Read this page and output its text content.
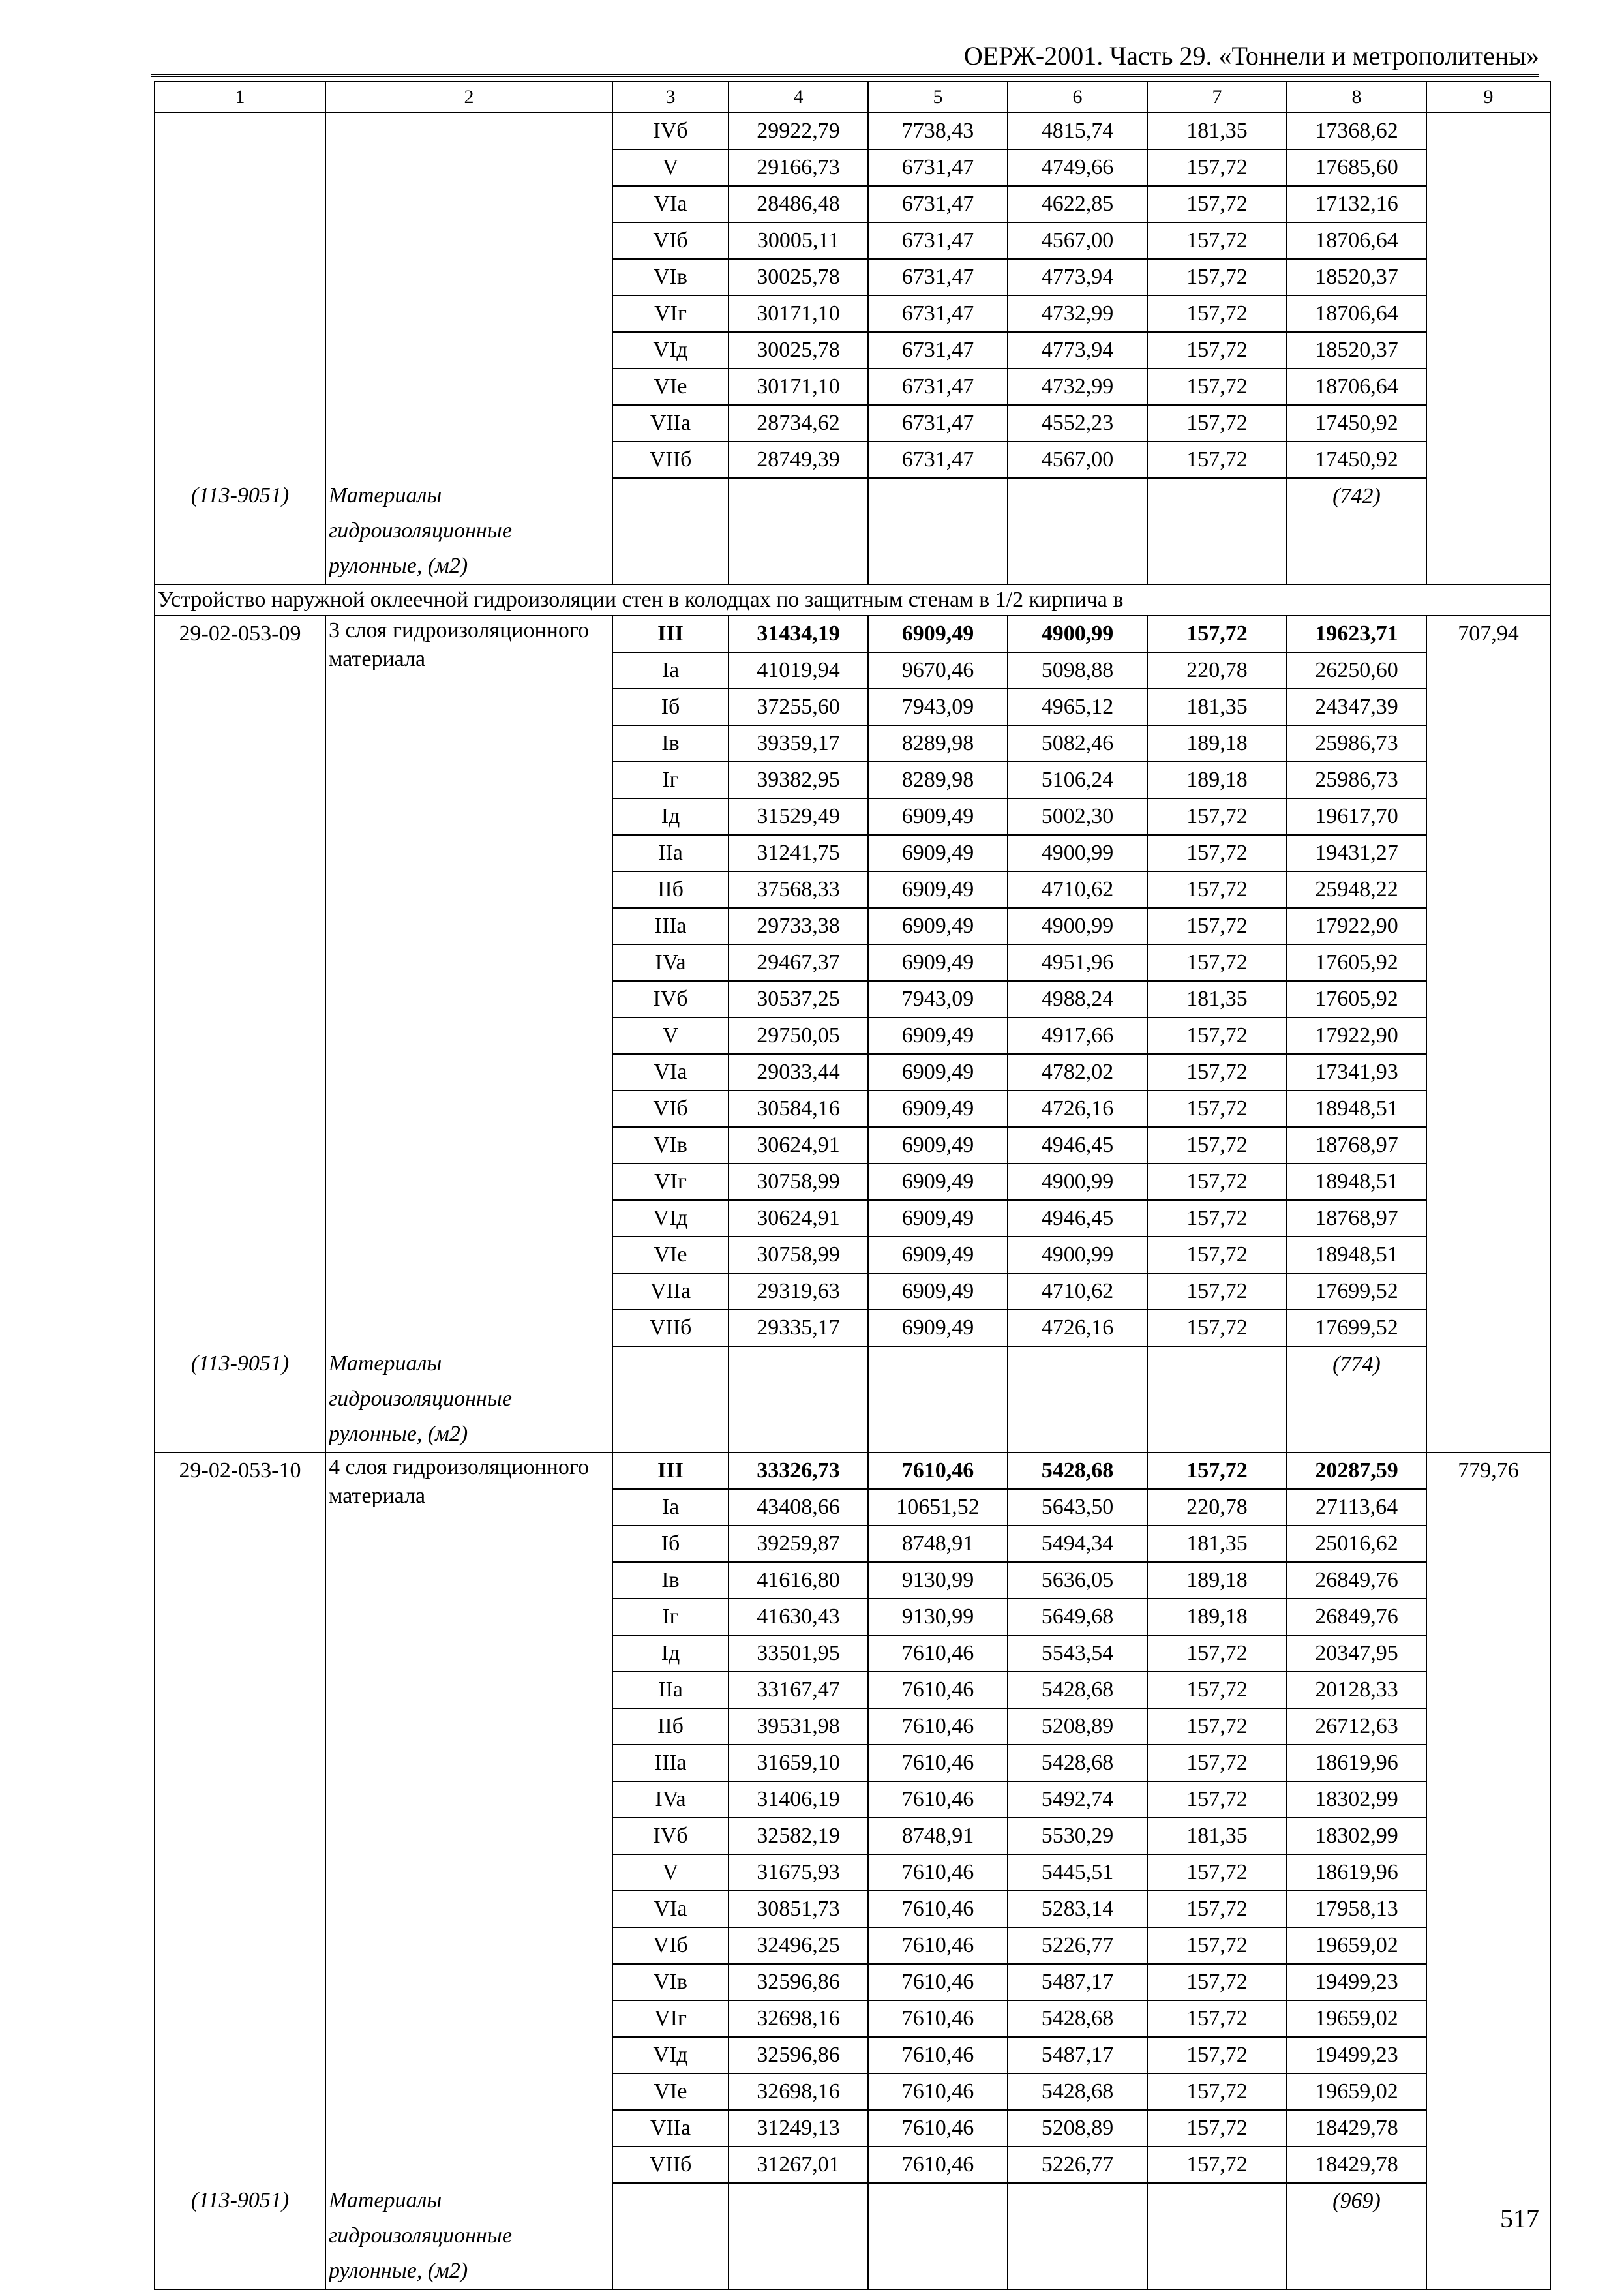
ОЕРЖ-2001. Часть 29. «Тоннели и метрополитены»
1	2	3	4	5	6	7	8	9
		IVб	29922,79	7738,43	4815,74	181,35	17368,62	
		V	29166,73	6731,47	4749,66	157,72	17685,60	
		VIa	28486,48	6731,47	4622,85	157,72	17132,16	
		VIб	30005,11	6731,47	4567,00	157,72	18706,64	
		VIв	30025,78	6731,47	4773,94	157,72	18520,37	
		VIг	30171,10	6731,47	4732,99	157,72	18706,64	
		VIд	30025,78	6731,47	4773,94	157,72	18520,37	
		VIe	30171,10	6731,47	4732,99	157,72	18706,64	
		VIIa	28734,62	6731,47	4552,23	157,72	17450,92	
		VIIб	28749,39	6731,47	4567,00	157,72	17450,92	
(113-9051)	Материалы гидроизоляционные рулонные, (м2)						(742)	
Устройство наружной оклеечной гидроизоляции стен в колодцах по защитным стенам в 1/2 кирпича в								
29-02-053-09	3 слоя гидроизоляционного материала	III	31434,19	6909,49	4900,99	157,72	19623,71	707,94
		Ia	41019,94	9670,46	5098,88	220,78	26250,60	
		Iб	37255,60	7943,09	4965,12	181,35	24347,39	
		Iв	39359,17	8289,98	5082,46	189,18	25986,73	
		Iг	39382,95	8289,98	5106,24	189,18	25986,73	
		Iд	31529,49	6909,49	5002,30	157,72	19617,70	
		IIa	31241,75	6909,49	4900,99	157,72	19431,27	
		IIб	37568,33	6909,49	4710,62	157,72	25948,22	
		IIIa	29733,38	6909,49	4900,99	157,72	17922,90	
		IVa	29467,37	6909,49	4951,96	157,72	17605,92	
		IVб	30537,25	7943,09	4988,24	181,35	17605,92	
		V	29750,05	6909,49	4917,66	157,72	17922,90	
		VIa	29033,44	6909,49	4782,02	157,72	17341,93	
		VIб	30584,16	6909,49	4726,16	157,72	18948,51	
		VIв	30624,91	6909,49	4946,45	157,72	18768,97	
		VIг	30758,99	6909,49	4900,99	157,72	18948,51	
		VIд	30624,91	6909,49	4946,45	157,72	18768,97	
		VIe	30758,99	6909,49	4900,99	157,72	18948,51	
		VIIa	29319,63	6909,49	4710,62	157,72	17699,52	
		VIIб	29335,17	6909,49	4726,16	157,72	17699,52	
(113-9051)	Материалы гидроизоляционные рулонные, (м2)						(774)	
29-02-053-10	4 слоя гидроизоляционного материала	III	33326,73	7610,46	5428,68	157,72	20287,59	779,76
		Ia	43408,66	10651,52	5643,50	220,78	27113,64	
		Iб	39259,87	8748,91	5494,34	181,35	25016,62	
		Iв	41616,80	9130,99	5636,05	189,18	26849,76	
		Iг	41630,43	9130,99	5649,68	189,18	26849,76	
		Iд	33501,95	7610,46	5543,54	157,72	20347,95	
		IIa	33167,47	7610,46	5428,68	157,72	20128,33	
		IIб	39531,98	7610,46	5208,89	157,72	26712,63	
		IIIa	31659,10	7610,46	5428,68	157,72	18619,96	
		IVa	31406,19	7610,46	5492,74	157,72	18302,99	
		IVб	32582,19	8748,91	5530,29	181,35	18302,99	
		V	31675,93	7610,46	5445,51	157,72	18619,96	
		VIa	30851,73	7610,46	5283,14	157,72	17958,13	
		VIб	32496,25	7610,46	5226,77	157,72	19659,02	
		VIв	32596,86	7610,46	5487,17	157,72	19499,23	
		VIг	32698,16	7610,46	5428,68	157,72	19659,02	
		VIд	32596,86	7610,46	5487,17	157,72	19499,23	
		VIe	32698,16	7610,46	5428,68	157,72	19659,02	
		VIIa	31249,13	7610,46	5208,89	157,72	18429,78	
		VIIб	31267,01	7610,46	5226,77	157,72	18429,78	
(113-9051)	Материалы гидроизоляционные рулонные, (м2)						(969)	
517
